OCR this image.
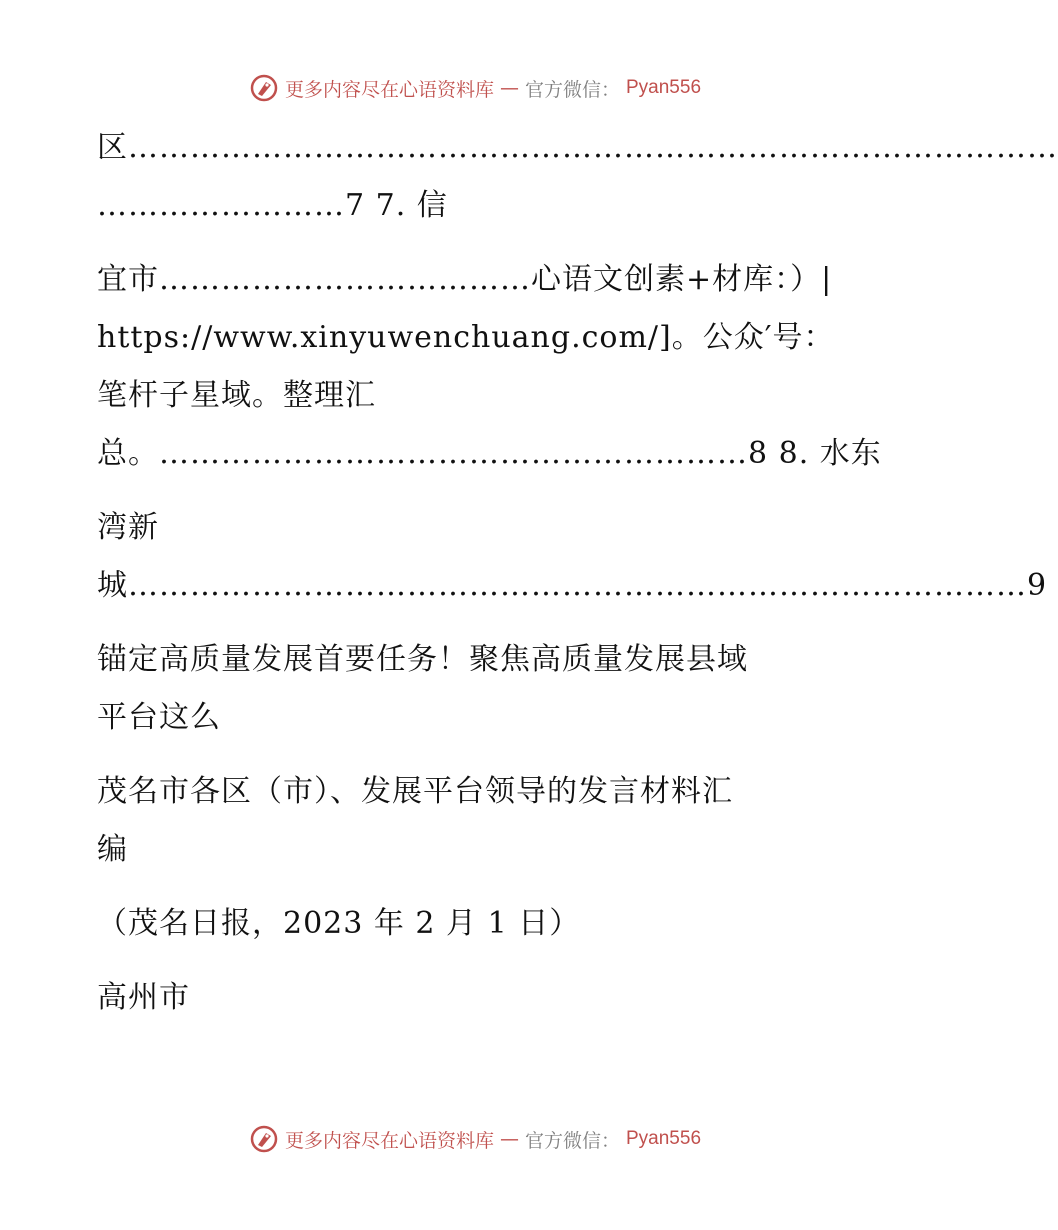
更多内容尽在心语资料库 — 官方微信： Pyan556
区………………………………………………………………………………
……………………7 7. 信
宜市………………………………心语文创素+材库：）|
https://www.xinyuwenchuang.com/]。公众′号：
笔杆子星域。整理汇
总。…………………………………………………8 8. 水东
湾新
城……………………………………………………………………………9
锚定高质量发展首要任务！聚焦高质量发展县域
平台这么
茂名市各区（市）、发展平台领导的发言材料汇
编
（茂名日报，2023 年 2 月 1 日）
高州市
更多内容尽在心语资料库 — 官方微信： Pyan556
